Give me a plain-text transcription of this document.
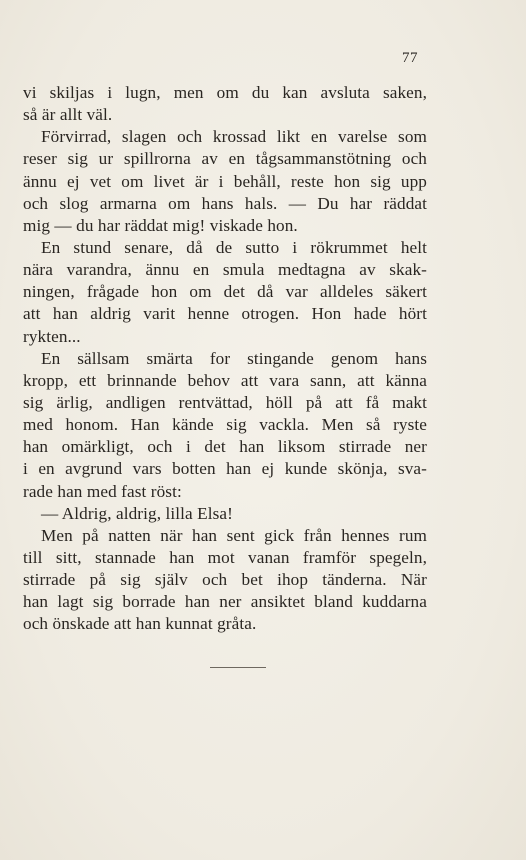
77
vi skiljas i lugn, men om du kan avsluta saken,
så är allt väl.
Förvirrad, slagen och krossad likt en varelse som
reser sig ur spillrorna av en tågsammanstötning och
ännu ej vet om livet är i behåll, reste hon sig upp
och slog armarna om hans hals. — Du har räddat
mig — du har räddat mig! viskade hon.
En stund senare, då de sutto i rökrummet helt
nära varandra, ännu en smula medtagna av skak-
ningen, frågade hon om det då var alldeles säkert
att han aldrig varit henne otrogen. Hon hade hört
rykten...
En sällsam smärta for stingande genom hans
kropp, ett brinnande behov att vara sann, att känna
sig ärlig, andligen rentvättad, höll på att få makt
med honom. Han kände sig vackla. Men så ryste
han omärkligt, och i det han liksom stirrade ner
i en avgrund vars botten han ej kunde skönja, sva-
rade han med fast röst:
— Aldrig, aldrig, lilla Elsa!
Men på natten när han sent gick från hennes rum
till sitt, stannade han mot vanan framför spegeln,
stirrade på sig själv och bet ihop tänderna. När
han lagt sig borrade han ner ansiktet bland kuddarna
och önskade att han kunnat gråta.
